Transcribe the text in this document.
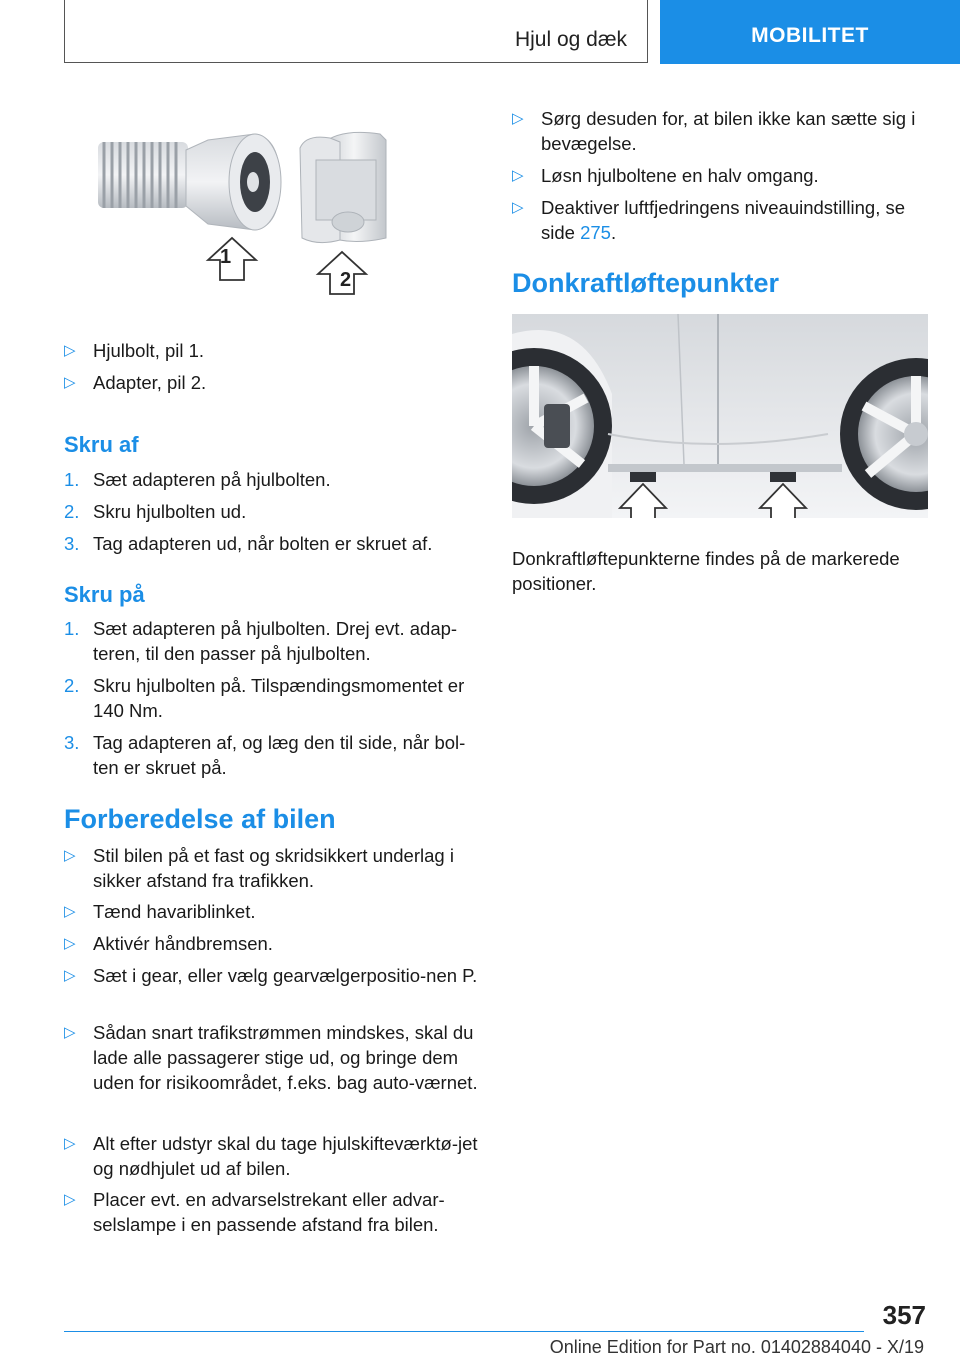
Hjul og dæk	MOBILITET
1
2
▷ Hjulbolt, pil 1.
▷ Adapter, pil 2.
Skru af
1. Sæt adapteren på hjulbolten.
2. Skru hjulbolten ud.
3. Tag adapteren ud, når bolten er skruet af.
Skru på
1. Sæt adapteren på hjulbolten. Drej evt. adap-teren, til den passer på hjulbolten.
2. Skru hjulbolten på. Tilspændingsmomentet er 140 Nm.
3. Tag adapteren af, og læg den til side, når bol-ten er skruet på.
Forberedelse af bilen
▷ Stil bilen på et fast og skridsikkert underlag i sikker afstand fra trafikken.
▷ Tænd havariblinket.
▷ Aktivér håndbremsen.
▷ Sæt i gear, eller vælg gearvælgerpositio-nen P.
▷ Sådan snart trafikstrømmen mindskes, skal du lade alle passagerer stige ud, og bringe dem uden for risikoområdet, f.eks. bag auto-værnet.
▷ Alt efter udstyr skal du tage hjulskifteværktø-jet og nødhjulet ud af bilen.
▷ Placer evt. en advarselstrekant eller advar-selslampe i en passende afstand fra bilen.
▷ Sørg desuden for, at bilen ikke kan sætte sig i bevægelse.
▷ Løsn hjulboltene en halv omgang.
▷ Deaktiver luftfjedringens niveauindstilling, se side 275.
Donkraftløftepunkter
Donkraftløftepunkterne findes på de markerede positioner.
357
Online Edition for Part no. 01402884040 - X/19
